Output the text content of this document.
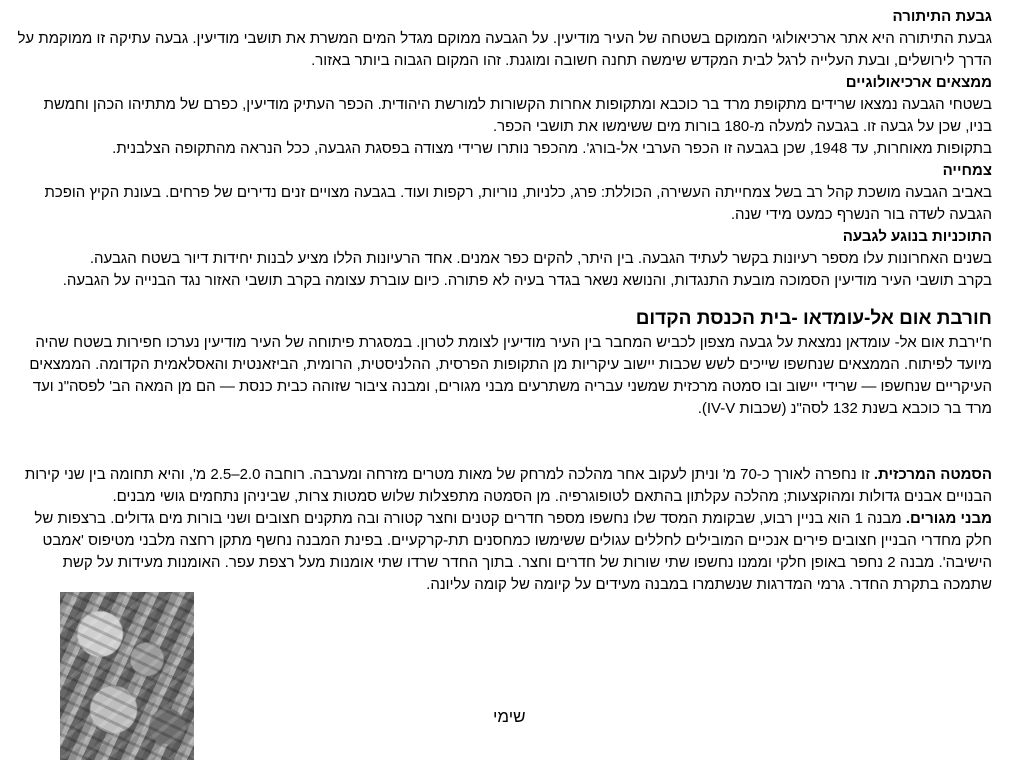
גבעת התיתורה

גבעת התיתורה היא אתר ארכיאולוגי הממוקם בשטחה של העיר מודיעין. על הגבעה ממוקם מגדל המים המשרת את תושבי מודיעין. גבעה עתיקה זו ממוקמת על הדרך לירושלים, ובעת העלייה לרגל לבית המקדש שימשה תחנה חשובה ומוגנת. זהו המקום הגבוה ביותר באזור.

ממצאים ארכיאולוגיים

בשטחי הגבעה נמצאו שרידים מתקופת מרד בר כוכבא ומתקופות אחרות הקשורות למורשת היהודית. הכפר העתיק מודיעין, כפרם של מתתיהו הכהן וחמשת בניו, שכן על גבעה זו. בגבעה למעלה מ-180 בורות מים ששימשו את תושבי הכפר.

בתקופות מאוחרות, עד 1948, שכן בגבעה זו הכפר הערבי אל-בורג'. מהכפר נותרו שרידי מצודה בפסגת הגבעה, ככל הנראה מהתקופה הצלבנית.

צמחייה

באביב הגבעה מושכת קהל רב בשל צמחייתה העשירה, הכוללת: פרג, כלניות, נוריות, רקפות ועוד. בגבעה מצויים זנים נדירים של פרחים. בעונת הקיץ הופכת הגבעה לשדה בור הנשרף כמעט מידי שנה.

התוכניות בנוגע לגבעה

בשנים האחרונות עלו מספר רעיונות בקשר לעתיד הגבעה. בין היתר, להקים כפר אמנים. אחד הרעיונות הללו מציע לבנות יחידות דיור בשטח הגבעה.

בקרב תושבי העיר מודיעין הסמוכה מובעת התנגדות, והנושא נשאר בגדר בעיה לא פתורה. כיום עוברת עצומה בקרב תושבי האזור נגד הבנייה על הגבעה.

חורבת אום אל-עומדאו -בית הכנסת הקדום

ח'ירבת אום אל- עומדאן נמצאת על גבעה מצפון לכביש המחבר בין העיר מודיעין לצומת לטרון. במסגרת פיתוחה של העיר מודיעין נערכו חפירות בשטח שהיה מיועד לפיתוח. הממצאים שנחשפו שייכים לשש שכבות יישוב עיקריות מן התקופות הפרסית, ההלניסטית, הרומית, הביזאנטית והאסלאמית הקדומה. הממצאים העיקריים שנחשפו — שרידי יישוב ובו סמטה מרכזית שמשני עבריה משתרעים מבני מגורים, ומבנה ציבור שזוהה כבית כנסת — הם מן המאה הב' לפסה"נ ועד מרד בר כוכבא בשנת 132 לסה"נ (שכבות IV-V).

הסמטה המרכזית. זו נחפרה לאורך כ-70 מ' וניתן לעקוב אחר מהלכה למרחק של מאות מטרים מזרחה ומערבה. רוחבה 2.0–2.5 מ', והיא תחומה בין שני קירות הבנויים אבנים גדולות ומהוקצעות; מהלכה עקלתון בהתאם לטופוגרפיה. מן הסמטה מתפצלות שלוש סמטות צרות, שביניהן נתחמים גושי מבנים.

מבני מגורים. מבנה 1 הוא בניין רבוע, שבקומת המסד שלו נחשפו מספר חדרים קטנים וחצר קטורה ובה מתקנים חצובים ושני בורות מים גדולים. ברצפות של חלק מחדרי הבניין חצובים פירים אנכיים המובילים לחללים עגולים ששימשו כמחסנים תת-קרקעיים. בפינת המבנה נחשף מתקן רחצה מלבני מטיפוס 'אמבט הישיבה'. מבנה 2 נחפר באופן חלקי וממנו נחשפו שתי שורות של חדרים וחצר. בתוך החדר שרדו שתי אומנות מעל רצפת עפר. האומנות מעידות על קשת שתמכה בתקרת החדר. גרמי המדרגות שנשתמרו במבנה מעידים על קיומה של קומה עליונה.

שימי
